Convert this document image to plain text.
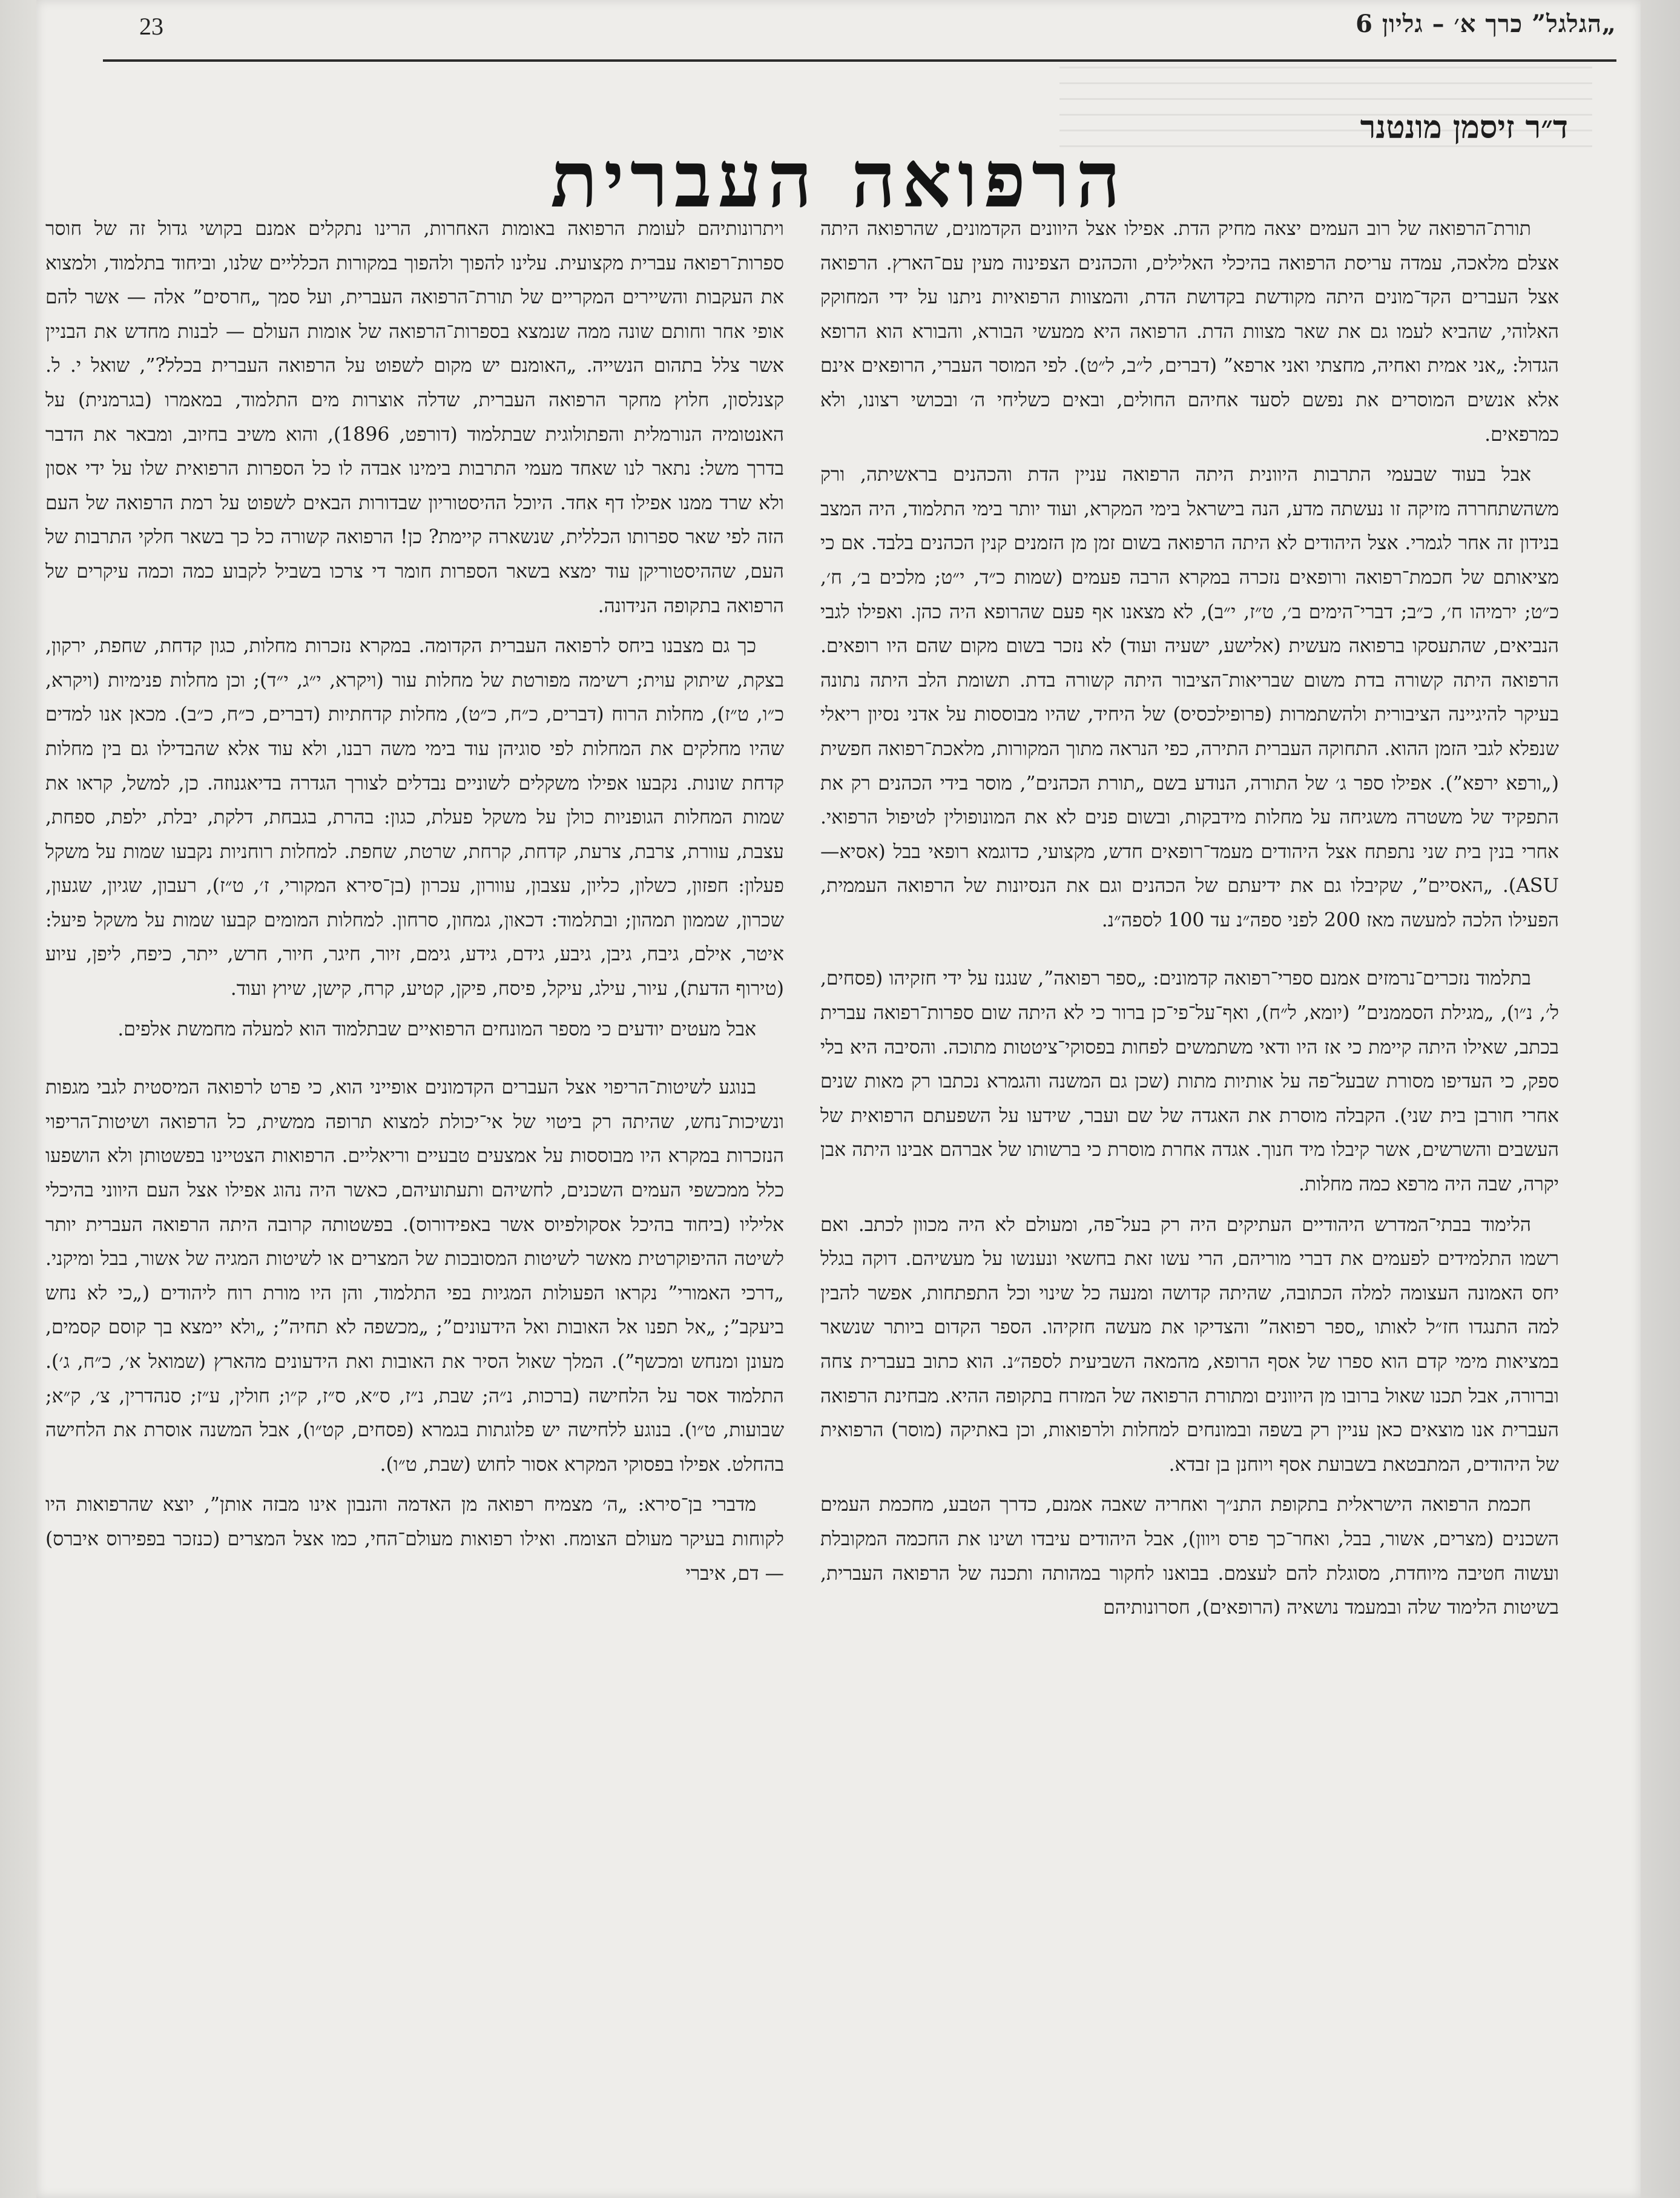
23	„הגלגל” כרך א׳ – גליון 6
ד״ר זיסמן מונטנר
הרפואה העברית

תורת־הרפואה של רוב העמים יצאה מחיק הדת. אפילו אצל היוונים הקדמונים, שהרפואה היתה אצלם מלאכה, עמדה עריסת הרפואה בהיכלי האלילים, והכהנים הצפינוה מעין עם־הארץ. הרפואה אצל העברים הקד־מונים היתה מקודשת בקדושת הדת, והמצוות הרפואיות ניתנו על ידי המחוקק האלוהי, שהביא לעמו גם את שאר מצוות הדת. הרפואה היא ממעשי הבורא, והבורא הוא הרופא הגדול: „אני אמית ואחיה, מחצתי ואני ארפא” (דברים, ל״ב, ל״ט). לפי המוסר העברי, הרופאים אינם אלא אנשים המוסרים את נפשם לסעד אחיהם החולים, ובאים כשליחי ה׳ ובכושי רצונו, ולא כמרפאים.

אבל בעוד שבעמי התרבות היוונית היתה הרפואה עניין הדת והכהנים בראשיתה, ורק משהשתחררה מזיקה זו נעשתה מדע, הנה בישראל בימי המקרא, ועוד יותר בימי התלמוד, היה המצב בנידון זה אחר לגמרי. אצל היהודים לא היתה הרפואה בשום זמן מן הזמנים קנין הכהנים בלבד. אם כי מציאותם של חכמת־רפואה ורופאים נזכרה במקרא הרבה פעמים (שמות כ״ד, י״ט; מלכים ב׳, ח׳, כ״ט; ירמיהו ח׳, כ״ב; דברי־הימים ב׳, ט״ז, י״ב), לא מצאנו אף פעם שהרופא היה כהן. ואפילו לגבי הנביאים, שהתעסקו ברפואה מעשית (אלישע, ישעיה ועוד) לא נזכר בשום מקום שהם היו רופאים. הרפואה היתה קשורה בדת משום שבריאות־הציבור היתה קשורה בדת. תשומת הלב היתה נתונה בעיקר להיגיינה הציבורית ולהשתמרות (פרופילכסיס) של היחיד, שהיו מבוססות על אדני נסיון ריאלי שנפלא לגבי הזמן ההוא. התחוקה העברית התירה, כפי הנראה מתוך המקורות, מלאכת־רפואה חפשית („ורפא ירפא”). אפילו ספר ג׳ של התורה, הנודע בשם „תורת הכהנים”, מוסר בידי הכהנים רק את התפקיד של משטרה משגיחה על מחלות מידבקות, ובשום פנים לא את המונופולין לטיפול הרפואי. אחרי בנין בית שני נתפתח אצל היהודים מעמד־רופאים חדש, מקצועי, כדוגמא רופאי בבל (אסיא—ASU). „האסיים”, שקיבלו גם את ידיעתם של הכהנים וגם את הנסיונות של הרפואה העממית, הפעילו הלכה למעשה מאז 200 לפני ספה״נ עד 100 לספה״נ.

בתלמוד נזכרים־נרמזים אמנם ספרי־רפואה קדמונים: „ספר רפואה”, שנגנז על ידי חזקיהו (פסחים, ל׳, נ״ו), „מגילת הסממנים” (יומא, ל״ח), ואף־על־פי־כן ברור כי לא היתה שום ספרות־רפואה עברית בכתב, שאילו היתה קיימת כי אז היו ודאי משתמשים לפחות בפסוקי־ציטטות מתוכה. והסיבה היא בלי ספק, כי העדיפו מסורת שבעל־פה על אותיות מתות (שכן גם המשנה והגמרא נכתבו רק מאות שנים אחרי חורבן בית שני). הקבלה מוסרת את האגדה של שם ועבר, שידעו על השפעתם הרפואית של העשבים והשרשים, אשר קיבלו מיד חנוך. אגדה אחרת מוסרת כי ברשותו של אברהם אבינו היתה אבן יקרה, שבה היה מרפא כמה מחלות.

הלימוד בבתי־המדרש היהודיים העתיקים היה רק בעל־פה, ומעולם לא היה מכוון לכתב. ואם רשמו התלמידים לפעמים את דברי מוריהם, הרי עשו זאת בחשאי ונענשו על מעשיהם. דוקה בגלל יחס האמונה העצומה למלה הכתובה, שהיתה קדושה ומנעה כל שינוי וכל התפתחות, אפשר להבין למה התנגדו חז״ל לאותו „ספר רפואה” והצדיקו את מעשה חזקיהו. הספר הקדום ביותר שנשאר במציאות מימי קדם הוא ספרו של אסף הרופא, מהמאה השביעית לספה״נ. הוא כתוב בעברית צחה וברורה, אבל תכנו שאול ברובו מן היוונים ומתורת הרפואה של המזרח בתקופה ההיא. מבחינת הרפואה העברית אנו מוצאים כאן עניין רק בשפה ובמונחים למחלות ולרפואות, וכן באתיקה (מוסר) הרפואית של היהודים, המתבטאת בשבועת אסף ויוחנן בן זבדא.

חכמת הרפואה הישראלית בתקופת התנ״ך ואחריה שאבה אמנם, כדרך הטבע, מחכמת העמים השכנים (מצרים, אשור, בבל, ואחר־כך פרס ויוון), אבל היהודים עיבדו ושינו את החכמה המקובלת ועשוה חטיבה מיוחדת, מסוגלת להם לעצמם. בבואנו לחקור במהותה ותכנה של הרפואה העברית, בשיטות הלימוד שלה ובמעמד נושאיה (הרופאים), חסרונותיהם

ויתרונותיהם לעומת הרפואה באומות האחרות, הרינו נתקלים אמנם בקושי גדול זה של חוסר ספרות־רפואה עברית מקצועית. עלינו להפוך ולהפוך במקורות הכלליים שלנו, וביחוד בתלמוד, ולמצוא את העקבות והשיירים המקריים של תורת־הרפואה העברית, ועל סמך „חרסים” אלה — אשר להם אופי אחר וחותם שונה ממה שנמצא בספרות־הרפואה של אומות העולם — לבנות מחדש את הבניין אשר צלל בתהום הנשייה. „האומנם יש מקום לשפוט על הרפואה העברית בכלל?”, שואל י. ל. קצנלסון, חלוץ מחקר הרפואה העברית, שדלה אוצרות מים התלמוד, במאמרו (בגרמנית) על האנטומיה הנורמלית והפתולוגית שבתלמוד (דורפט, 1896), והוא משיב בחיוב, ומבאר את הדבר בדרך משל: נתאר לנו שאחד מעמי התרבות בימינו אבדה לו כל הספרות הרפואית שלו על ידי אסון ולא שרד ממנו אפילו דף אחד. היוכל ההיסטוריון שבדורות הבאים לשפוט על רמת הרפואה של העם הזה לפי שאר ספרותו הכללית, שנשארה קיימת? כן! הרפואה קשורה כל כך בשאר חלקי התרבות של העם, שההיסטוריקן עוד ימצא בשאר הספרות חומר די צרכו בשביל לקבוע כמה וכמה עיקרים של הרפואה בתקופה הנידונה.

כך גם מצבנו ביחס לרפואה העברית הקדומה. במקרא נזכרות מחלות, כגון קדחת, שחפת, ירקון, בצקת, שיתוק עוית; רשימה מפורטת של מחלות עור (ויקרא, י״ג, י״ד); וכן מחלות פנימיות (ויקרא, כ״ו, ט״ז), מחלות הרוח (דברים, כ״ח, כ״ט), מחלות קדחתיות (דברים, כ״ח, כ״ב). מכאן אנו למדים שהיו מחלקים את המחלות לפי סוגיהן עוד בימי משה רבנו, ולא עוד אלא שהבדילו גם בין מחלות קדחת שונות. נקבעו אפילו משקלים לשוניים נבדלים לצורך הגדרה בדיאגנוזה. כן, למשל, קראו את שמות המחלות הגופניות כולן על משקל פעלת, כגון: בהרת, בגבחת, דלקת, יבלת, ילפת, ספחת, עצבת, עוורת, צרבת, צרעת, קדחת, קרחת, שרטת, שחפת. למחלות רוחניות נקבעו שמות על משקל פעלון: חפזון, כשלון, כליון, עצבון, עוורון, עכרון (בן־סירא המקורי, ז׳, ט״ז), רעבון, שגיון, שגעון, שכרון, שממון תמהון; ובתלמוד: דכאון, גמחון, סרחון. למחלות המומים קבעו שמות על משקל פיעל: איטר, אילם, גיבח, גיבן, גיבע, גידם, גידע, גימם, זיור, חיגר, חיור, חרש, ייתר, כיפח, ליפן, עיוע (טירוף הדעת), עיור, עילג, עיקל, פיסח, פיקן, קטיע, קרח, קישן, שיוץ ועוד.

אבל מעטים יודעים כי מספר המונחים הרפואיים שבתלמוד הוא למעלה מחמשת אלפים.

בנוגע לשיטות־הריפוי אצל העברים הקדמונים אופייני הוא, כי פרט לרפואה המיסטית לגבי מגפות ונשיכות־נחש, שהיתה רק ביטוי של אי־יכולת למצוא תרופה ממשית, כל הרפואה ושיטות־הריפוי הנזכרות במקרא היו מבוססות על אמצעים טבעיים וריאליים. הרפואות הצטיינו בפשטותן ולא הושפעו כלל ממכשפי העמים השכנים, לחשיהם ותעתועיהם, כאשר היה נהוג אפילו אצל העם היווני בהיכלי אליליו (ביחוד בהיכל אסקולפיוס אשר באפידורוס). בפשטותה קרובה היתה הרפואה העברית יותר לשיטה ההיפוקרטית מאשר לשיטות המסובכות של המצרים או לשיטות המגיה של אשור, בבל ומיקני. „דרכי האמורי” נקראו הפעולות המגיות בפי התלמוד, והן היו מורת רוח ליהודים („כי לא נחש ביעקב”; „אל תפנו אל האובות ואל הידעונים”; „מכשפה לא תחיה”; „ולא יימצא בך קוסם קסמים, מעונן ומנחש ומכשף”). המלך שאול הסיר את האובות ואת הידעונים מהארץ (שמואל א׳, כ״ח, ג׳). התלמוד אסר על הלחישה (ברכות, נ״ה; שבת, נ״ז, ס״א, ס״ז, ק״ו; חולין, ע״ז; סנהדרין, צ׳, ק״א; שבועות, ט״ו). בנוגע ללחישה יש פלוגתות בגמרא (פסחים, קט״ו), אבל המשנה אוסרת את הלחישה בהחלט. אפילו בפסוקי המקרא אסור לחוש (שבת, ט״ו).

מדברי בן־סירא: „ה׳ מצמיח רפואה מן האדמה והנבון אינו מבזה אותן”, יוצא שהרפואות היו לקוחות בעיקר מעולם הצומח. ואילו רפואות מעולם־החי, כמו אצל המצרים (כנזכר בפפירוס איברס) — דם, איברי
